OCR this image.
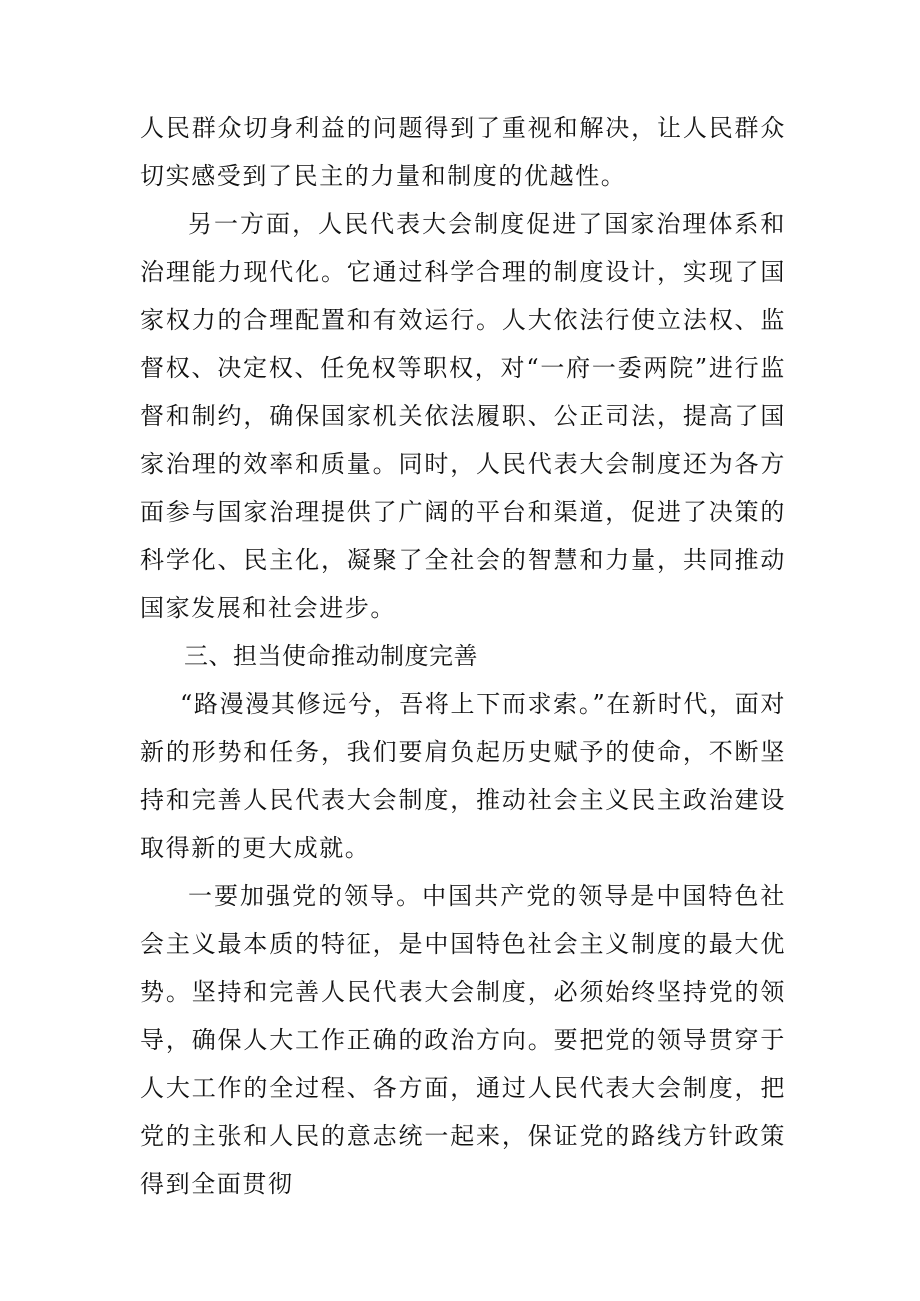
人民群众切身利益的问题得到了重视和解决，让人民群众切实感受到了民主的力量和制度的优越性。

另一方面，人民代表大会制度促进了国家治理体系和治理能力现代化。它通过科学合理的制度设计，实现了国家权力的合理配置和有效运行。人大依法行使立法权、监督权、决定权、任免权等职权，对“一府一委两院”进行监督和制约，确保国家机关依法履职、公正司法，提高了国家治理的效率和质量。同时，人民代表大会制度还为各方面参与国家治理提供了广阔的平台和渠道，促进了决策的科学化、民主化，凝聚了全社会的智慧和力量，共同推动国家发展和社会进步。

三、担当使命推动制度完善

“路漫漫其修远兮，吾将上下而求索。”在新时代，面对新的形势和任务，我们要肩负起历史赋予的使命，不断坚持和完善人民代表大会制度，推动社会主义民主政治建设取得新的更大成就。

一要加强党的领导。中国共产党的领导是中国特色社会主义最本质的特征，是中国特色社会主义制度的最大优势。坚持和完善人民代表大会制度，必须始终坚持党的领导，确保人大工作正确的政治方向。要把党的领导贯穿于人大工作的全过程、各方面，通过人民代表大会制度，把党的主张和人民的意志统一起来，保证党的路线方针政策得到全面贯彻
